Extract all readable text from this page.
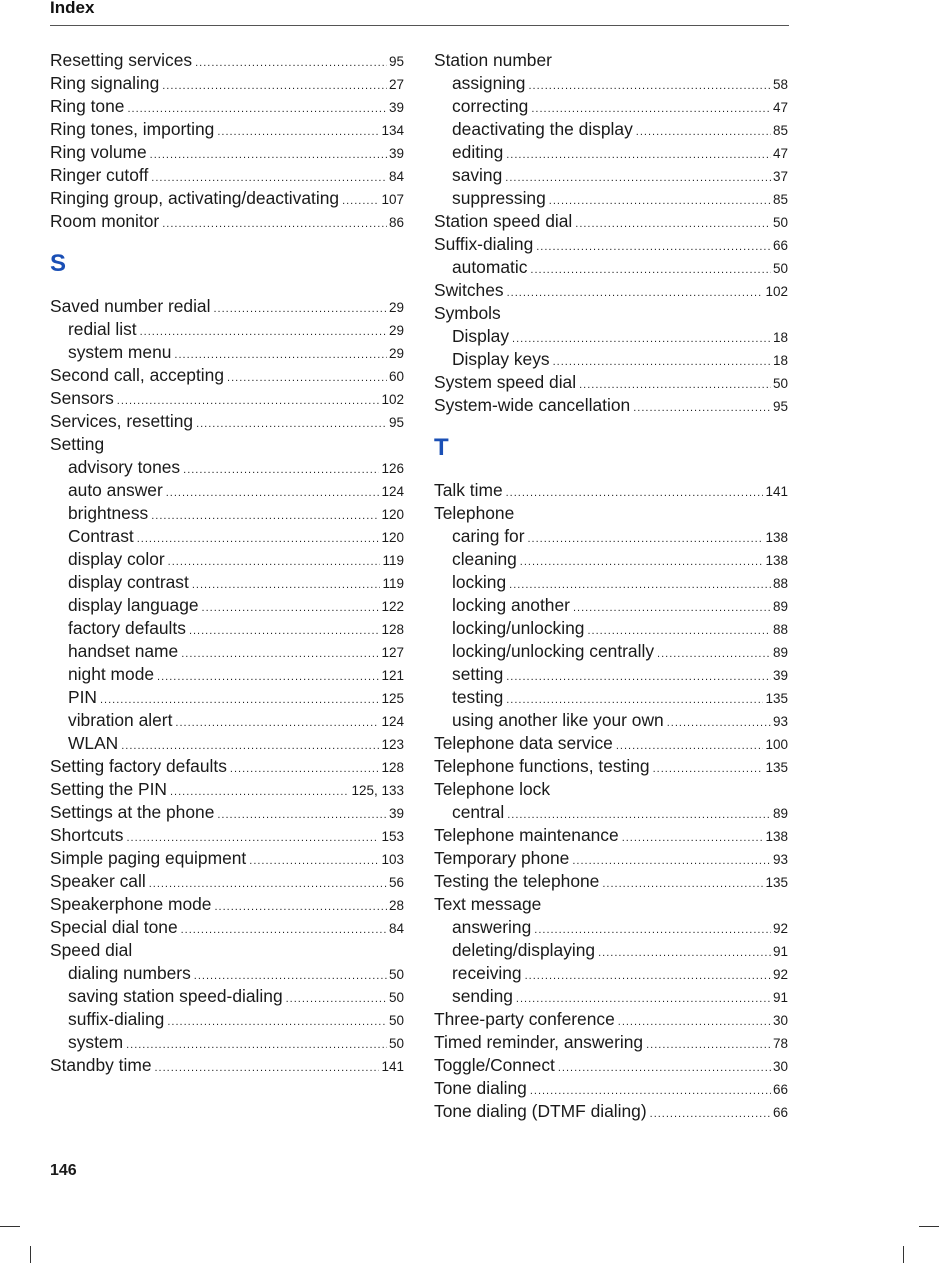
Index
Resetting services .....	95
Ring signaling .....	27
Ring tone .....	39
Ring tones, importing .....	134
Ring volume .....	39
Ringer cutoff .....	84
Ringing group, activating/deactivating .....	107
Room monitor .....	86
S
Saved number redial .....	29
redial list .....	29
system menu .....	29
Second call, accepting .....	60
Sensors .....	102
Services, resetting .....	95
Setting
advisory tones .....	126
auto answer .....	124
brightness .....	120
Contrast .....	120
display color .....	119
display contrast .....	119
display language .....	122
factory defaults .....	128
handset name .....	127
night mode .....	121
PIN .....	125
vibration alert .....	124
WLAN .....	123
Setting factory defaults .....	128
Setting the PIN .....	125, 133
Settings at the phone .....	39
Shortcuts .....	153
Simple paging equipment .....	103
Speaker call .....	56
Speakerphone mode .....	28
Special dial tone .....	84
Speed dial
dialing numbers .....	50
saving station speed-dialing .....	50
suffix-dialing .....	50
system .....	50
Standby time .....	141
Station number
assigning .....	58
correcting .....	47
deactivating the display .....	85
editing .....	47
saving .....	37
suppressing .....	85
Station speed dial .....	50
Suffix-dialing .....	66
automatic .....	50
Switches .....	102
Symbols
Display .....	18
Display keys .....	18
System speed dial .....	50
System-wide cancellation .....	95
T
Talk time .....	141
Telephone
caring for .....	138
cleaning .....	138
locking .....	88
locking another .....	89
locking/unlocking .....	88
locking/unlocking centrally .....	89
setting .....	39
testing .....	135
using another like your own .....	93
Telephone data service .....	100
Telephone functions, testing .....	135
Telephone lock
central .....	89
Telephone maintenance .....	138
Temporary phone .....	93
Testing the telephone .....	135
Text message
answering .....	92
deleting/displaying .....	91
receiving .....	92
sending .....	91
Three-party conference .....	30
Timed reminder, answering .....	78
Toggle/Connect .....	30
Tone dialing .....	66
Tone dialing (DTMF dialing) .....	66
146
